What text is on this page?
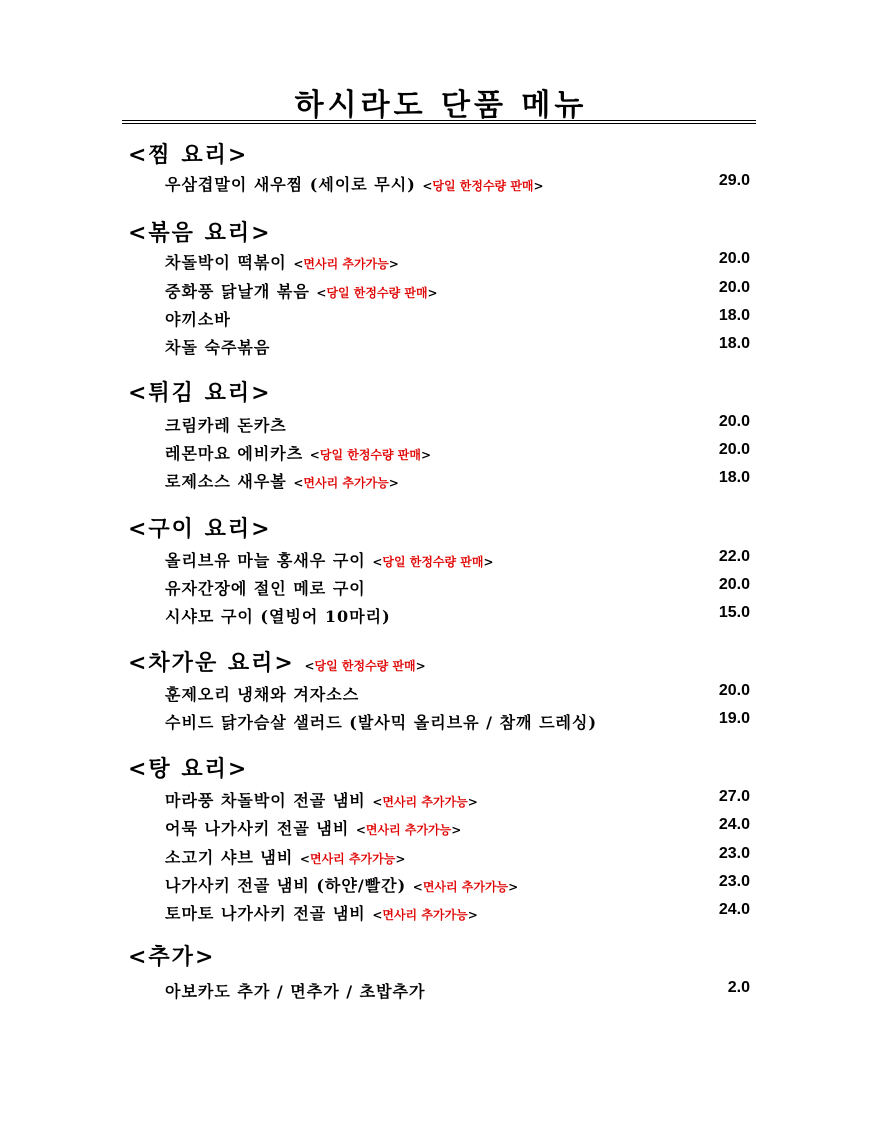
하시라도 단품 메뉴
<찜 요리>
우삼겹말이 새우찜 (세이로 무시) <당일 한정수량 판매>	29.0
<볶음 요리>
차돌박이 떡볶이 <면사리 추가가능>	20.0
중화풍 닭날개 볶음 <당일 한정수량 판매>	20.0
야끼소바	18.0
차돌 숙주볶음	18.0
<튀김 요리>
크림카레 돈카츠	20.0
레몬마요 에비카츠 <당일 한정수량 판매>	20.0
로제소스 새우볼 <면사리 추가가능>	18.0
<구이 요리>
올리브유 마늘 홍새우 구이 <당일 한정수량 판매>	22.0
유자간장에 절인 메로 구이	20.0
시샤모 구이 (열빙어 10마리)	15.0
<차가운 요리> <당일 한정수량 판매>
훈제오리 냉채와 겨자소스	20.0
수비드 닭가슴살 샐러드 (발사믹 올리브유 / 참깨 드레싱)	19.0
<탕 요리>
마라풍 차돌박이 전골 냄비 <면사리 추가가능>	27.0
어묵 나가사키 전골 냄비 <면사리 추가가능>	24.0
소고기 샤브 냄비 <면사리 추가가능>	23.0
나가사키 전골 냄비 (하얀/빨간) <면사리 추가가능>	23.0
토마토 나가사키 전골 냄비 <면사리 추가가능>	24.0
<추가>
아보카도 추가 / 면추가 / 초밥추가	2.0
